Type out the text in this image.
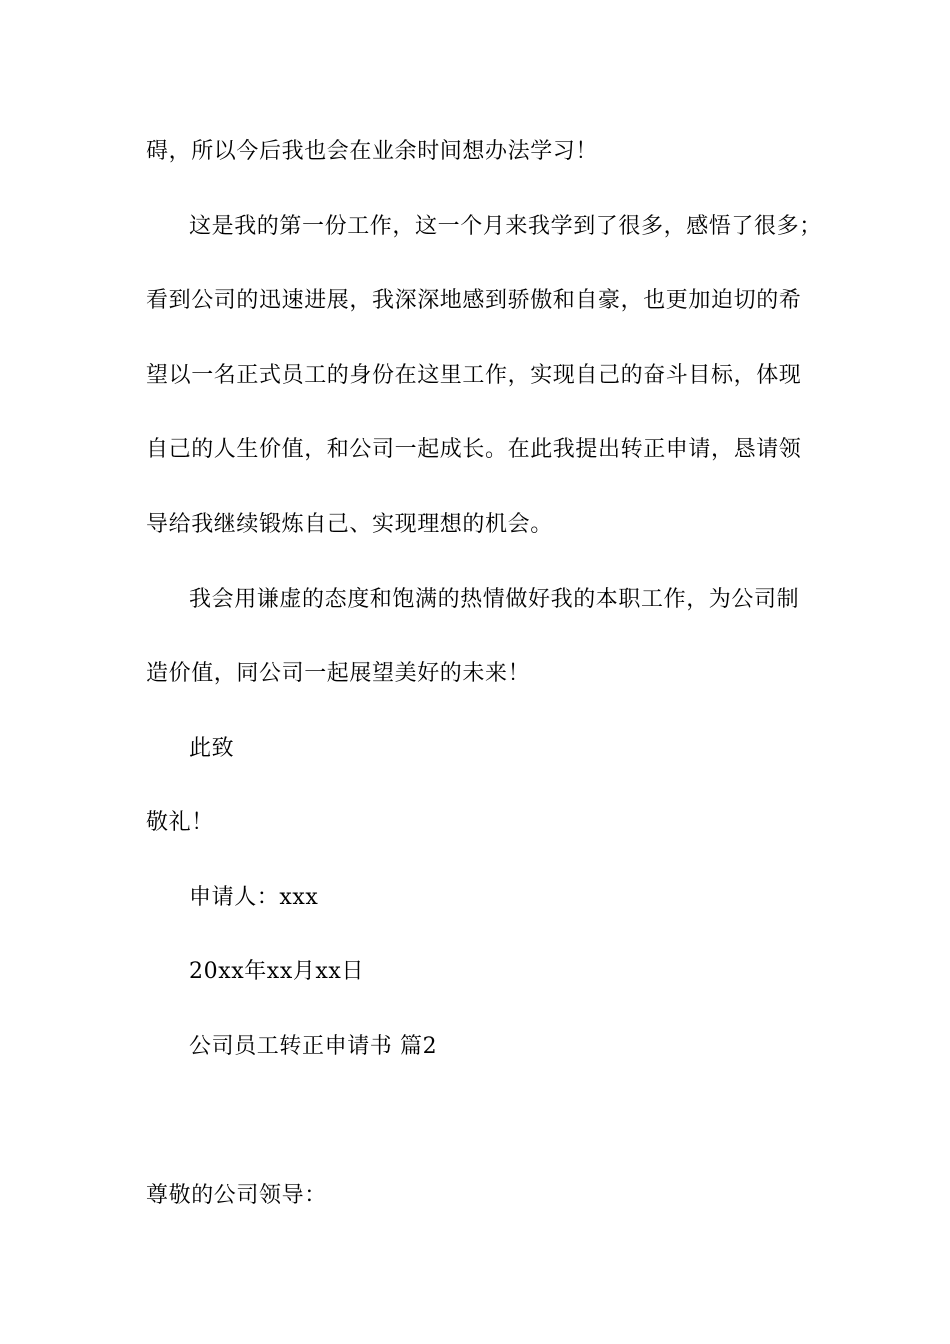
碍，所以今后我也会在业余时间想办法学习！
这是我的第一份工作，这一个月来我学到了很多，感悟了很多；
看到公司的迅速进展，我深深地感到骄傲和自豪，也更加迫切的希
望以一名正式员工的身份在这里工作，实现自己的奋斗目标，体现
自己的人生价值，和公司一起成长。在此我提出转正申请，恳请领
导给我继续锻炼自己、实现理想的机会。
我会用谦虚的态度和饱满的热情做好我的本职工作，为公司制
造价值，同公司一起展望美好的未来！
此致
敬礼！
申请人：xxx
20xx年xx月xx日
公司员工转正申请书 篇2
尊敬的公司领导：
